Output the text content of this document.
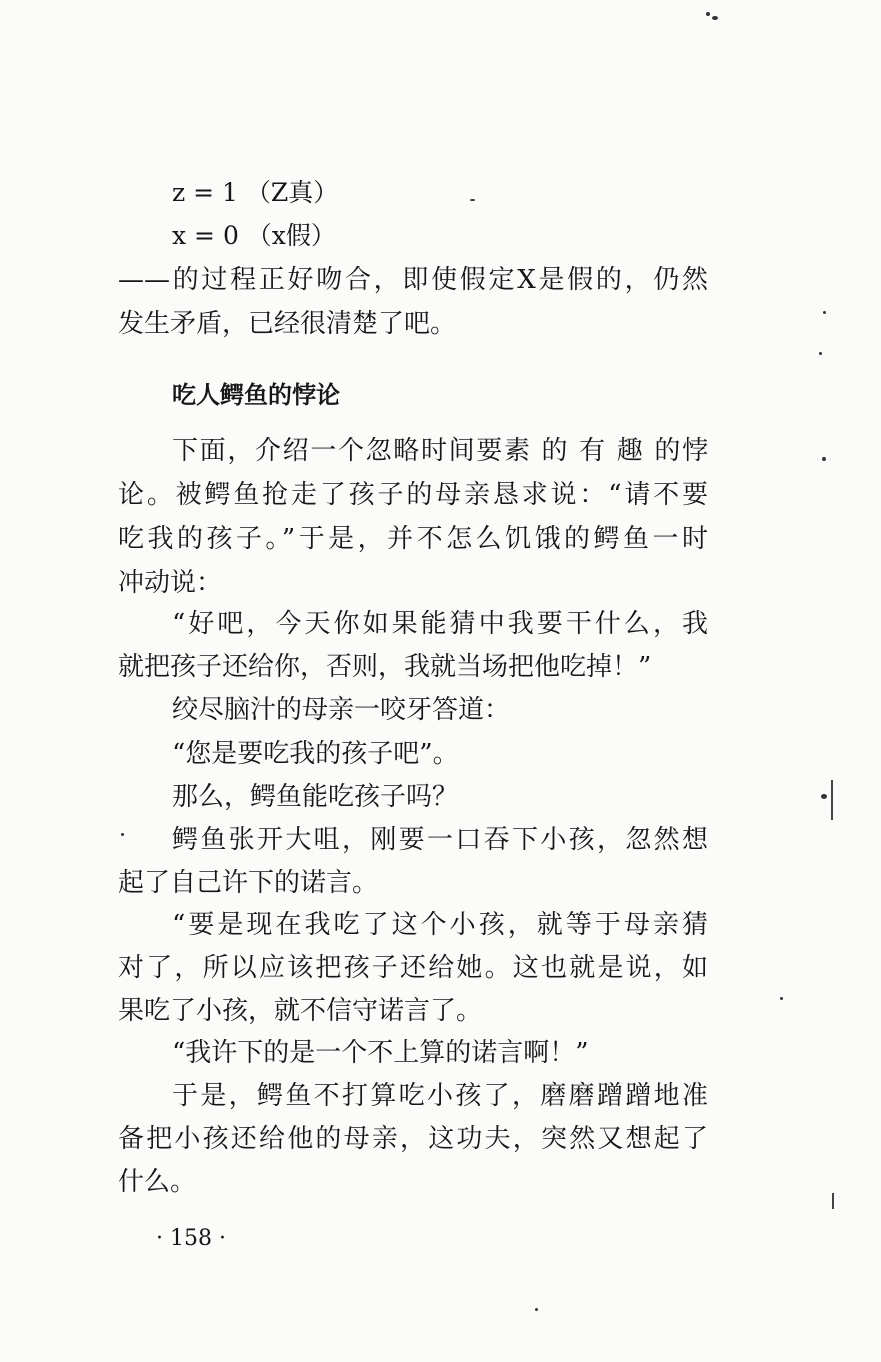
z = 1 （Z真）
x = 0 （x假）
——的过程正好吻合，即使假定X是假的，仍然
发生矛盾，已经很清楚了吧。
吃人鳄鱼的悖论
下面，介绍一个忽略时间要素 的 有 趣 的悖
论。被鳄鱼抢走了孩子的母亲恳求说：“请不要
吃我的孩子。”于是，并不怎么饥饿的鳄鱼一时
冲动说：
“好吧，今天你如果能猜中我要干什么，我
就把孩子还给你，否则，我就当场把他吃掉！”
绞尽脑汁的母亲一咬牙答道：
“您是要吃我的孩子吧”。
那么，鳄鱼能吃孩子吗？
鳄鱼张开大咀，刚要一口吞下小孩，忽然想
起了自己许下的诺言。
“要是现在我吃了这个小孩，就等于母亲猜
对了，所以应该把孩子还给她。这也就是说，如
果吃了小孩，就不信守诺言了。
“我许下的是一个不上算的诺言啊！”
于是，鳄鱼不打算吃小孩了，磨磨蹭蹭地准
备把小孩还给他的母亲，这功夫，突然又想起了
什么。
· 158 ·
